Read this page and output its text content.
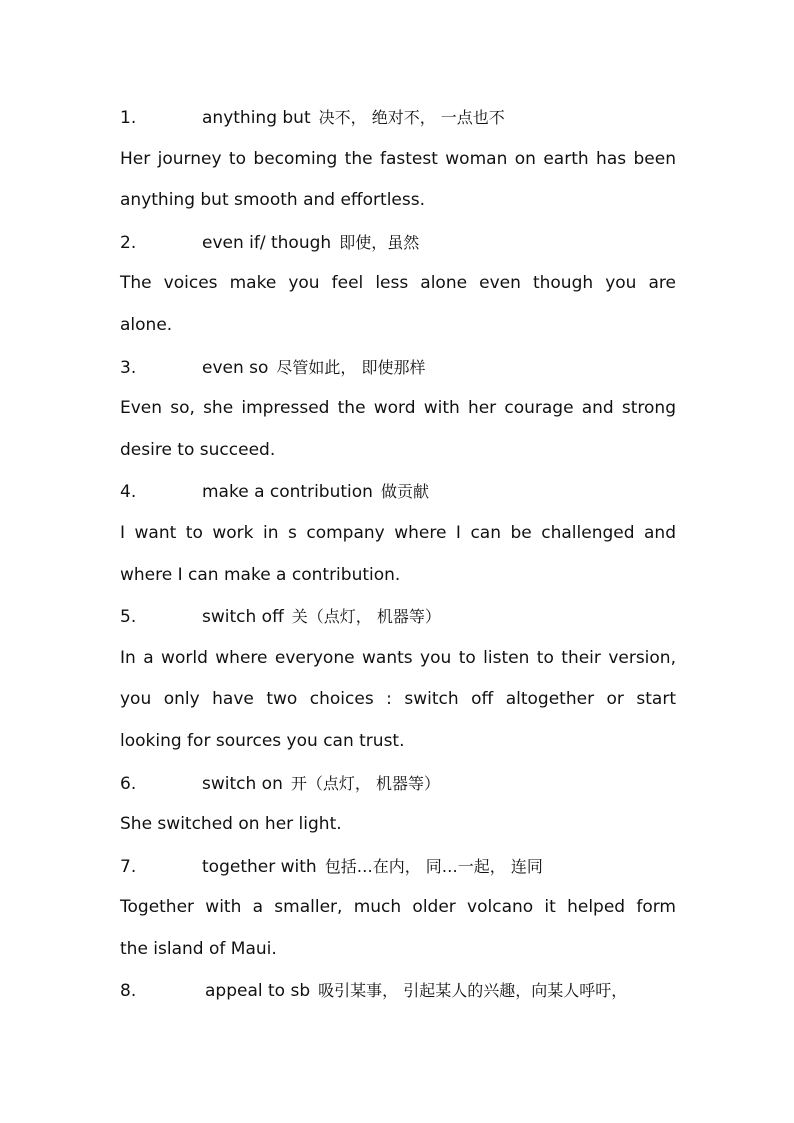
1.	anything but 决不， 绝对不， 一点也不
Her journey to becoming the fastest woman on earth has been
anything but smooth and effortless.
2.	even if/ though 即使，虽然
The voices make you feel less alone even though you are
alone.
3.	even so 尽管如此， 即使那样
Even so, she impressed the word with her courage and strong
desire to succeed.
4.	make a contribution 做贡献
I want to work in s company where I can be challenged and
where I can make a contribution.
5.	switch off 关（点灯， 机器等）
In a world where everyone wants you to listen to their version,
you only have two choices : switch off altogether or start
looking for sources you can trust.
6.	switch on 开（点灯， 机器等）
She switched on her light.
7.	together with 包括…在内， 同…一起， 连同
Together with a smaller, much older volcano it helped form
the island of Maui.
8.	appeal to sb 吸引某事， 引起某人的兴趣，向某人呼吁，
